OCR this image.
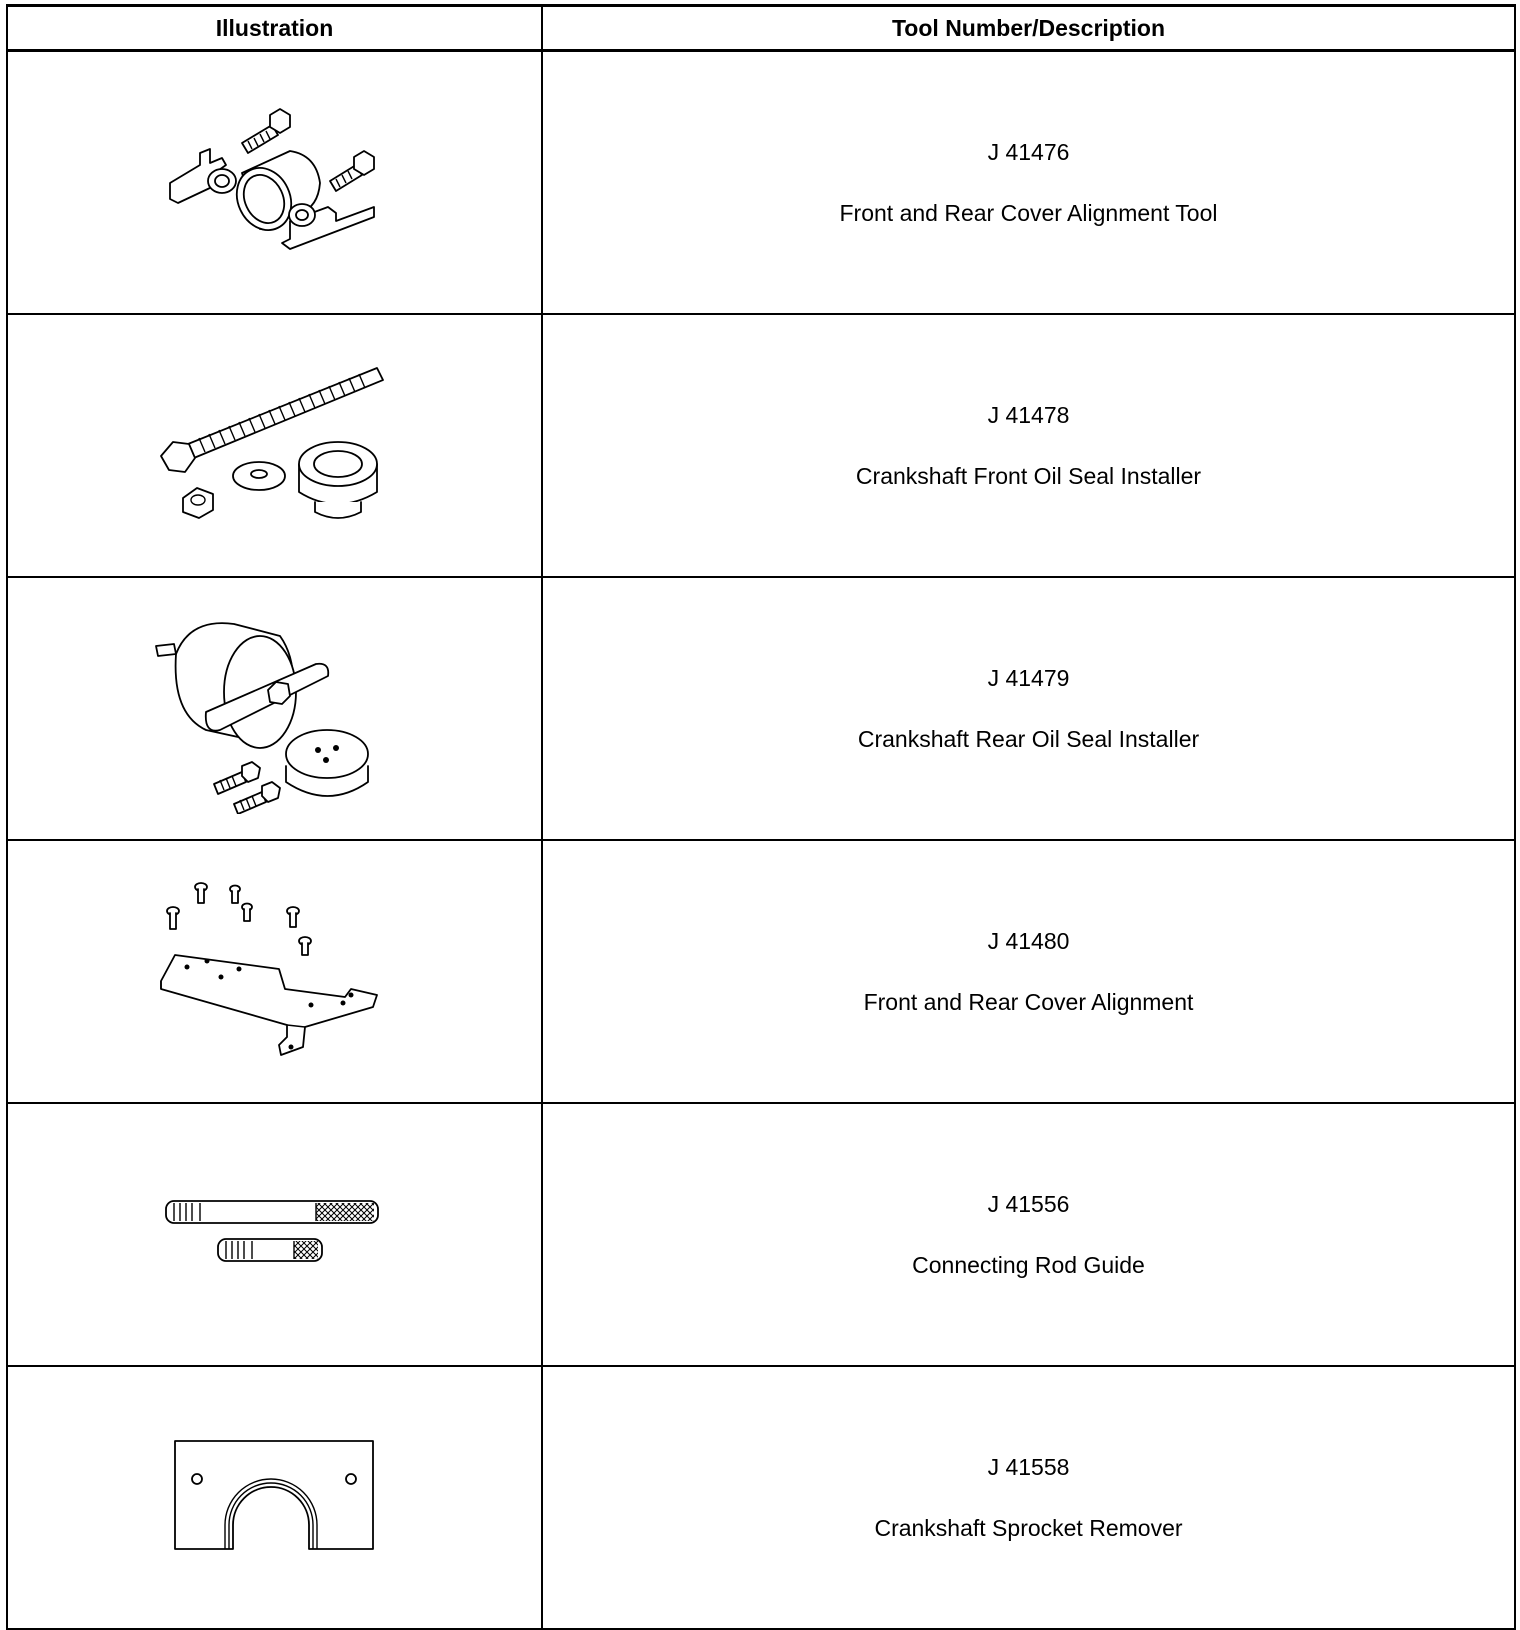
Illustration	Tool Number/Description

J 41476
Front and Rear Cover Alignment Tool

J 41478
Crankshaft Front Oil Seal Installer

J 41479
Crankshaft Rear Oil Seal Installer

J 41480
Front and Rear Cover Alignment

J 41556
Connecting Rod Guide

J 41558
Crankshaft Sprocket Remover
